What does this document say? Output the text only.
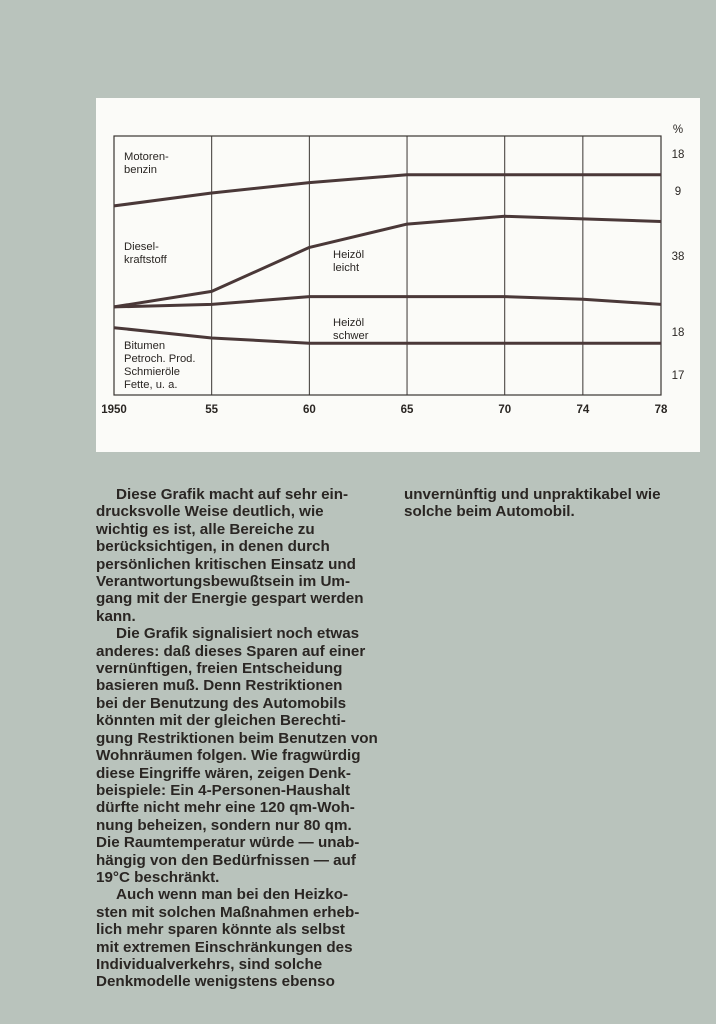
1950	55	60	65	70	74	78
%
18
9
38
18
17
Motoren-benzin
Diesel-kraftstoff	Heizöl leicht
Heizöl schwer
Bitumen Petroch. Prod. Schmieröle Fette, u. a.
Diese Grafik macht auf sehr ein-
drucksvolle Weise deutlich, wie
wichtig es ist, alle Bereiche zu
berücksichtigen, in denen durch
persönlichen kritischen Einsatz und
Verantwortungsbewußtsein im Um-
gang mit der Energie gespart werden
kann.
Die Grafik signalisiert noch etwas
anderes: daß dieses Sparen auf einer
vernünftigen, freien Entscheidung
basieren muß. Denn Restriktionen
bei der Benutzung des Automobils
könnten mit der gleichen Berechti-
gung Restriktionen beim Benutzen von
Wohnräumen folgen. Wie fragwürdig
diese Eingriffe wären, zeigen Denk-
beispiele: Ein 4-Personen-Haushalt
dürfte nicht mehr eine 120 qm-Woh-
nung beheizen, sondern nur 80 qm.
Die Raumtemperatur würde — unab-
hängig von den Bedürfnissen — auf
19°C beschränkt.
Auch wenn man bei den Heizko-
sten mit solchen Maßnahmen erheb-
lich mehr sparen könnte als selbst
mit extremen Einschränkungen des
Individualverkehrs, sind solche
Denkmodelle wenigstens ebenso
unvernünftig und unpraktikabel wie
solche beim Automobil.
